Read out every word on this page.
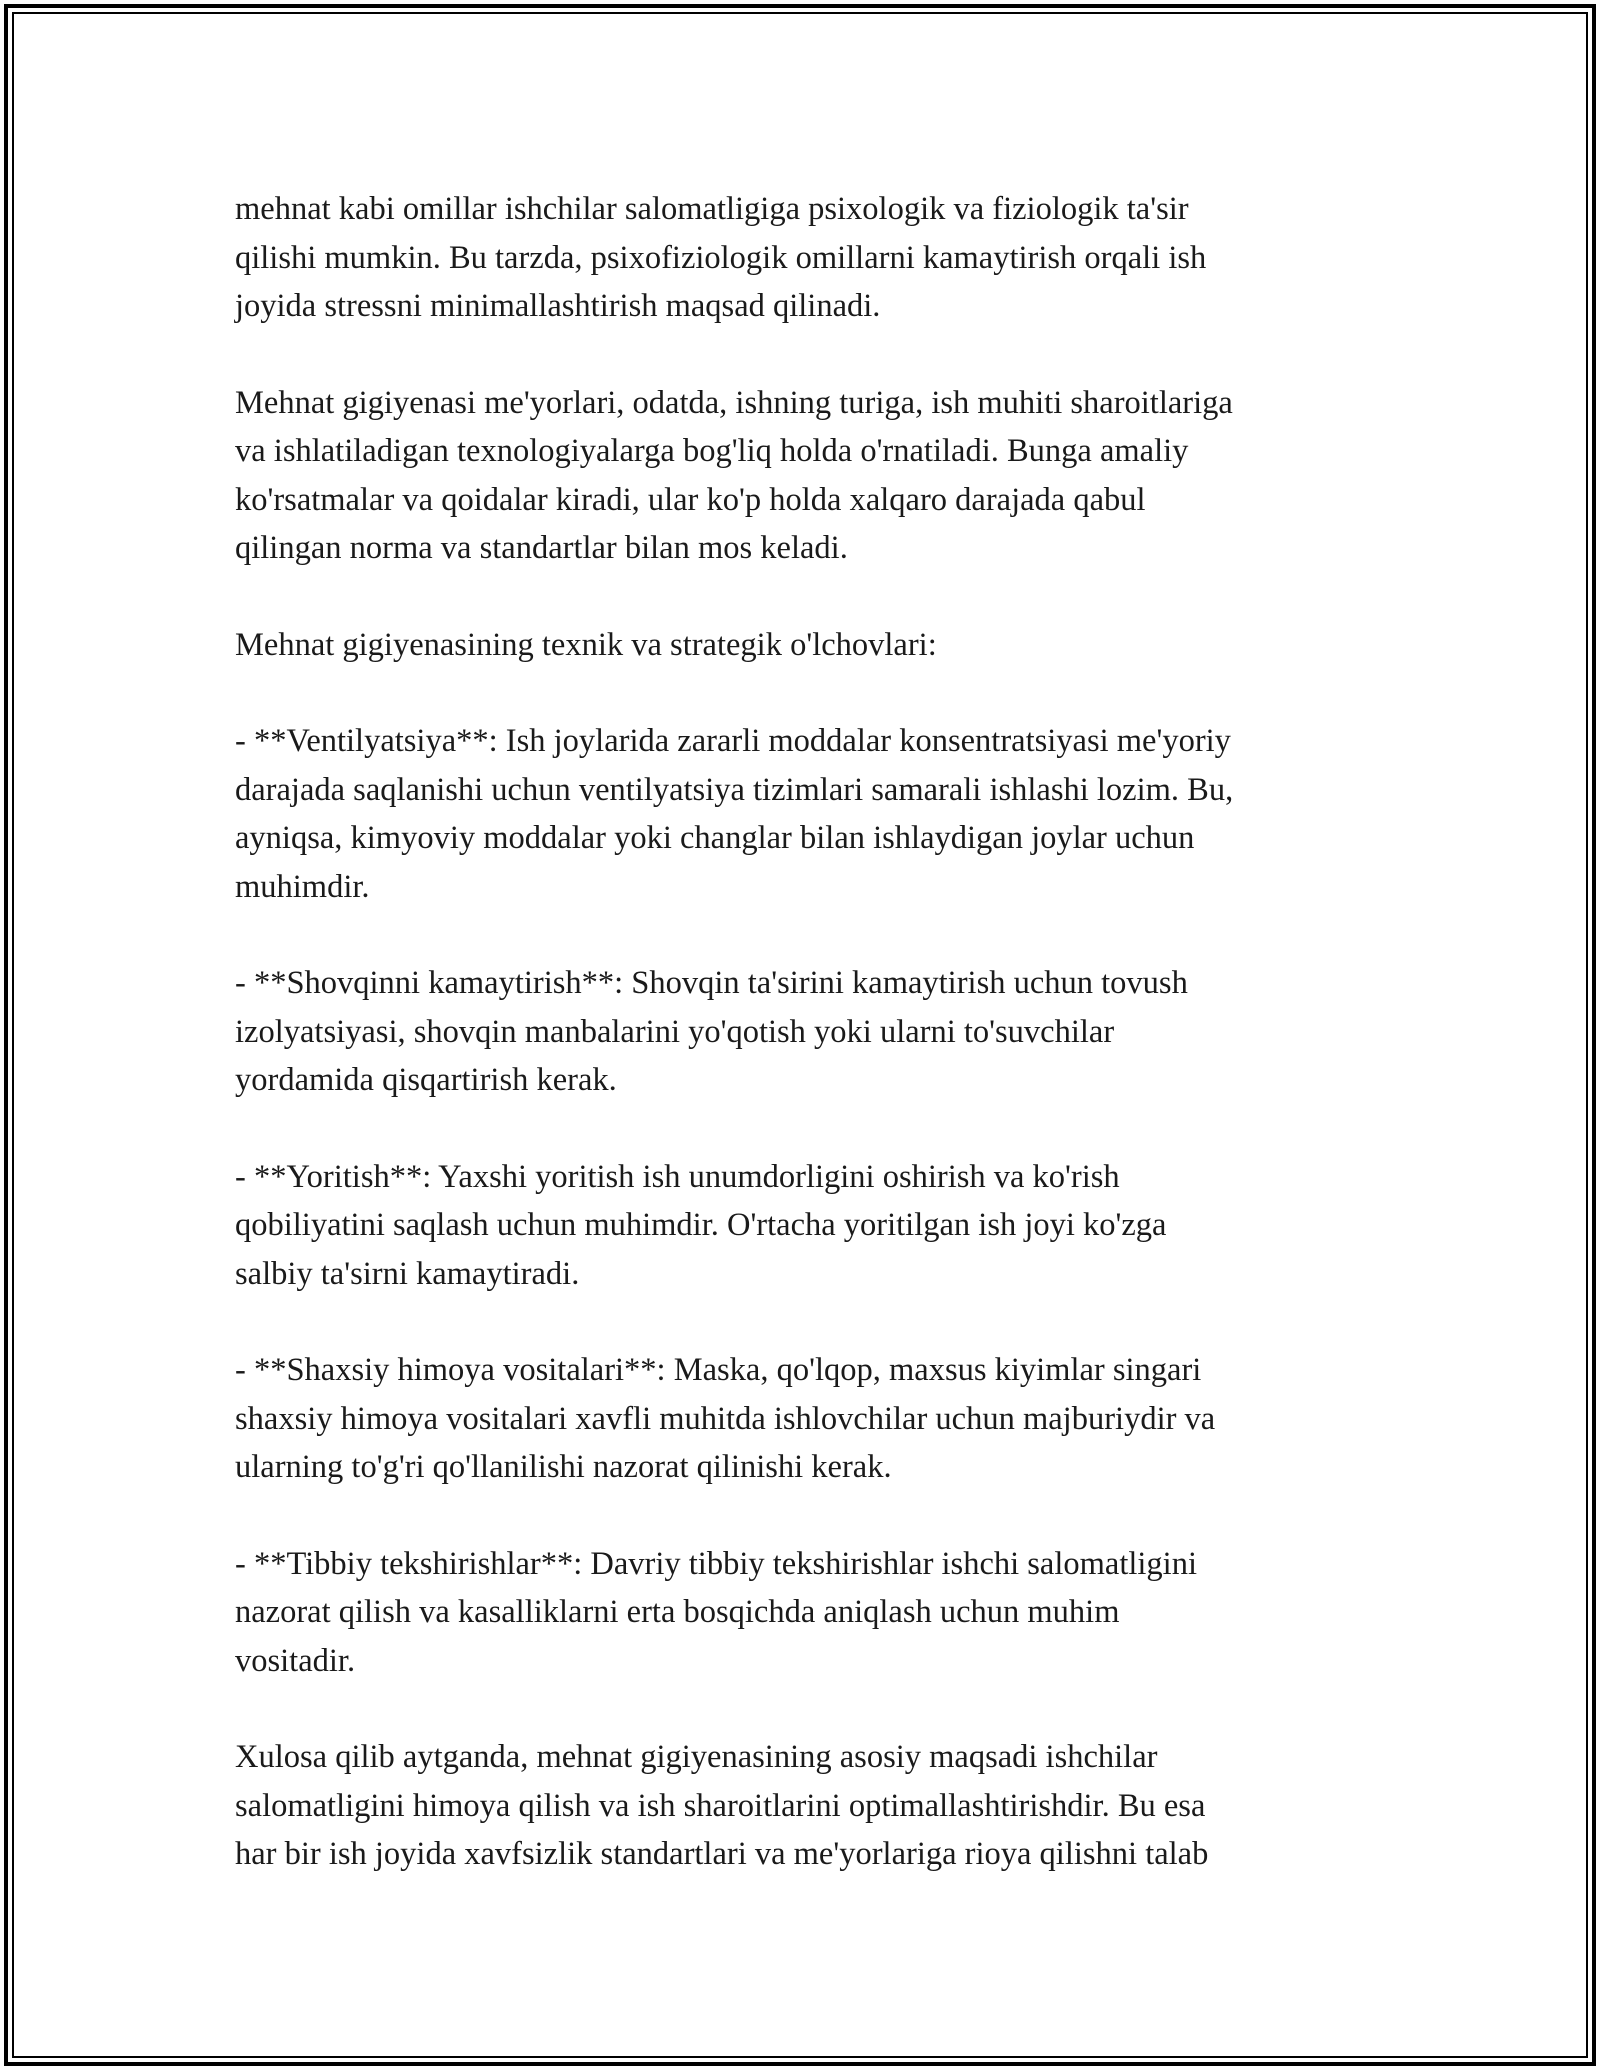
mehnat kabi omillar ishchilar salomatligiga psixologik va fiziologik ta'sir
qilishi mumkin. Bu tarzda, psixofiziologik omillarni kamaytirish orqali ish
joyida stressni minimallashtirish maqsad qilinadi.

Mehnat gigiyenasi me'yorlari, odatda, ishning turiga, ish muhiti sharoitlariga
va ishlatiladigan texnologiyalarga bog'liq holda o'rnatiladi. Bunga amaliy
ko'rsatmalar va qoidalar kiradi, ular ko'p holda xalqaro darajada qabul
qilingan norma va standartlar bilan mos keladi.

Mehnat gigiyenasining texnik va strategik o'lchovlari:

- **Ventilyatsiya**: Ish joylarida zararli moddalar konsentratsiyasi me'yoriy
darajada saqlanishi uchun ventilyatsiya tizimlari samarali ishlashi lozim. Bu,
ayniqsa, kimyoviy moddalar yoki changlar bilan ishlaydigan joylar uchun
muhimdir.

- **Shovqinni kamaytirish**: Shovqin ta'sirini kamaytirish uchun tovush
izolyatsiyasi, shovqin manbalarini yo'qotish yoki ularni to'suvchilar
yordamida qisqartirish kerak.

- **Yoritish**: Yaxshi yoritish ish unumdorligini oshirish va ko'rish
qobiliyatini saqlash uchun muhimdir. O'rtacha yoritilgan ish joyi ko'zga
salbiy ta'sirni kamaytiradi.

- **Shaxsiy himoya vositalari**: Maska, qo'lqop, maxsus kiyimlar singari
shaxsiy himoya vositalari xavfli muhitda ishlovchilar uchun majburiydir va
ularning to'g'ri qo'llanilishi nazorat qilinishi kerak.

- **Tibbiy tekshirishlar**: Davriy tibbiy tekshirishlar ishchi salomatligini
nazorat qilish va kasalliklarni erta bosqichda aniqlash uchun muhim
vositadir.

Xulosa qilib aytganda, mehnat gigiyenasining asosiy maqsadi ishchilar
salomatligini himoya qilish va ish sharoitlarini optimallashtirishdir. Bu esa
har bir ish joyida xavfsizlik standartlari va me'yorlariga rioya qilishni talab
